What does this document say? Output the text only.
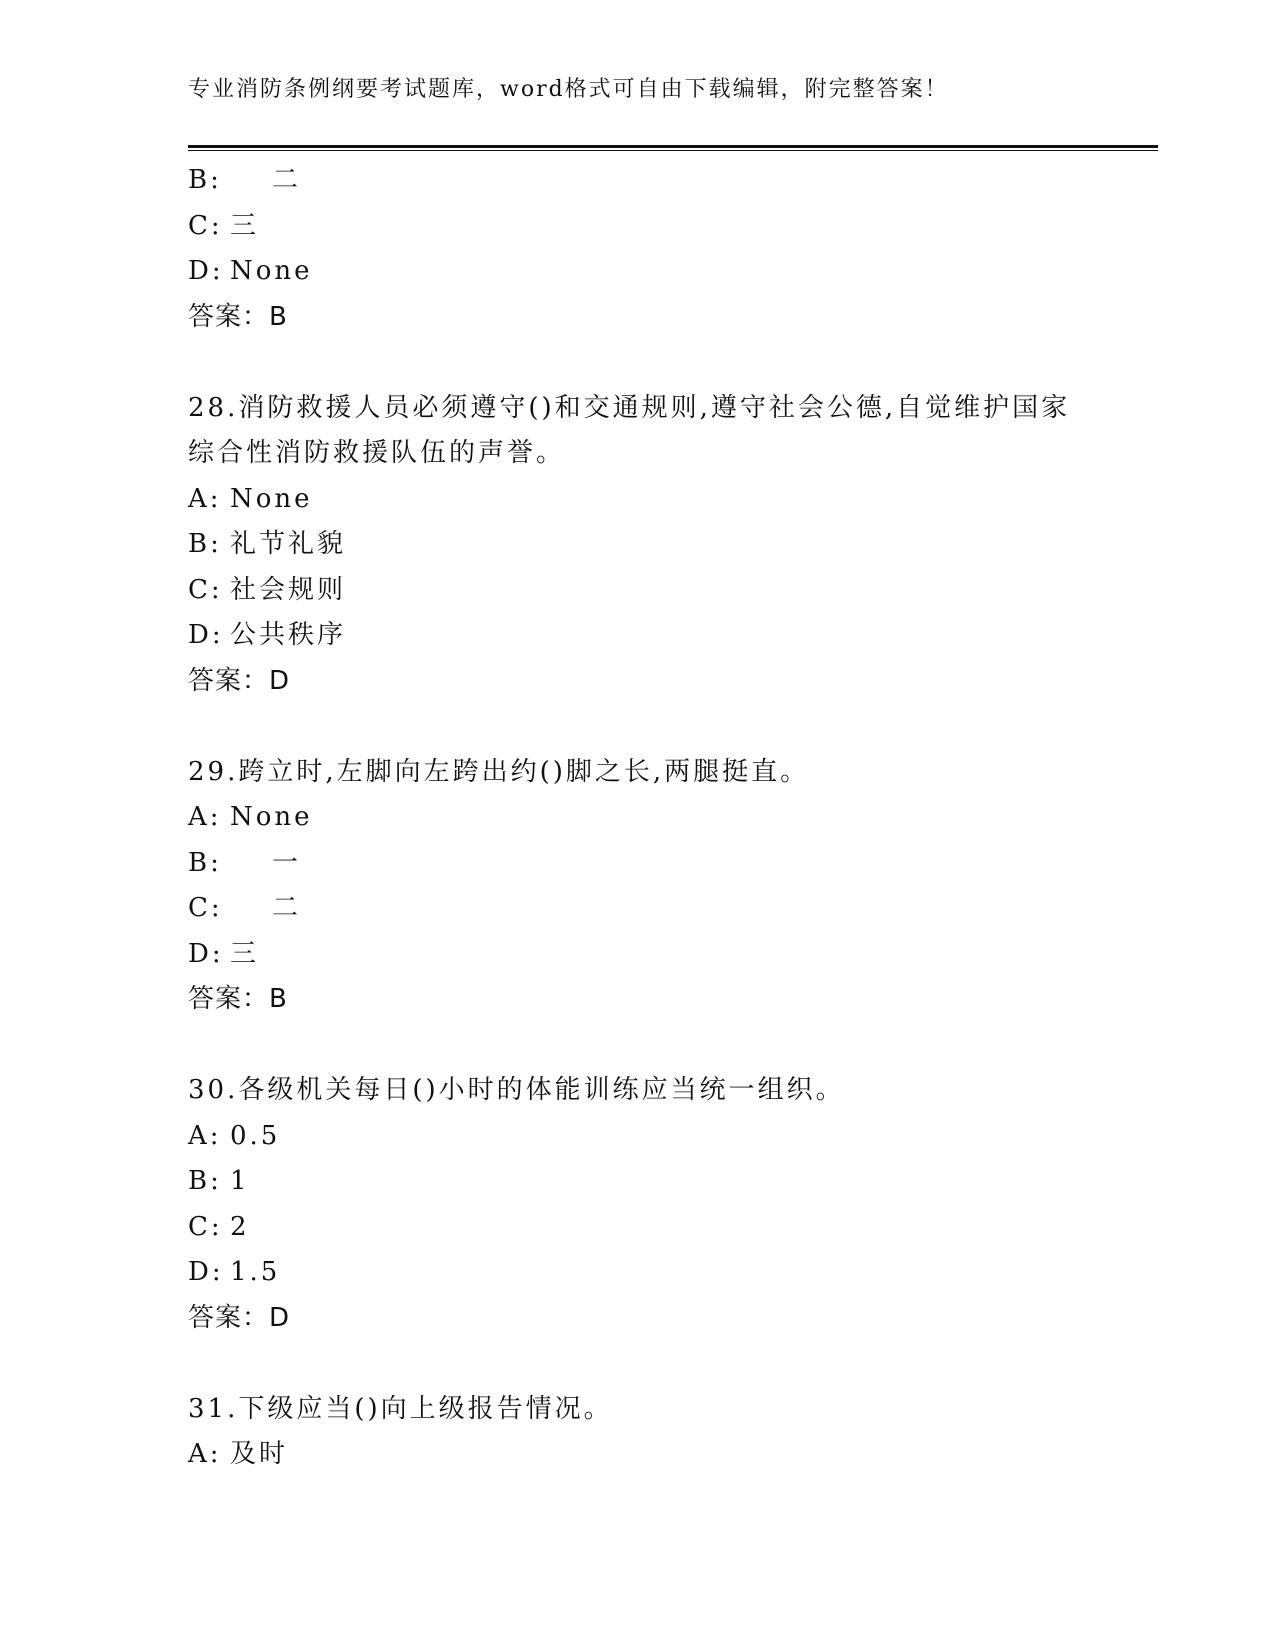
专业消防条例纲要考试题库，word格式可自由下载编辑，附完整答案！
B: 二
C: 三
D: None
答案：B
28.消防救援人员必须遵守()和交通规则,遵守社会公德,自觉维护国家综合性消防救援队伍的声誉。
A: None
B: 礼节礼貌
C: 社会规则
D: 公共秩序
答案：D
29.跨立时,左脚向左跨出约()脚之长,两腿挺直。
A: None
B: 一
C: 二
D: 三
答案：B
30.各级机关每日()小时的体能训练应当统一组织。
A: 0.5
B: 1
C: 2
D: 1.5
答案：D
31.下级应当()向上级报告情况。
A: 及时
